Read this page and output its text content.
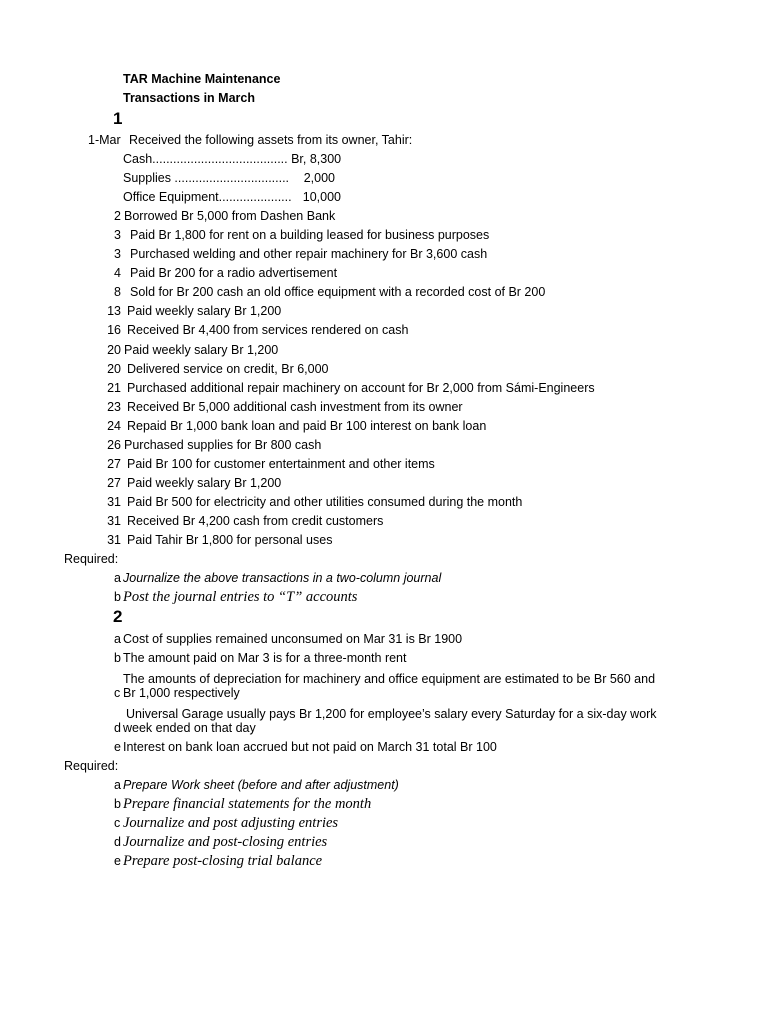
TAR Machine Maintenance
Transactions in March
1
1-Mar Received the following assets from its owner, Tahir:
Cash....................................... Br, 8,300
Supplies .................................	2,000
Office Equipment..................... 10,000
2 Borrowed Br 5,000 from Dashen Bank
3 Paid Br 1,800 for rent on a building leased for business purposes
3 Purchased welding and other repair machinery for Br 3,600 cash
4 Paid Br 200 for a radio advertisement
8 Sold for Br 200 cash an old office equipment with a recorded cost of Br 200
13 Paid weekly salary Br 1,200
16 Received Br 4,400 from services rendered on cash
20 Paid weekly salary Br 1,200
20 Delivered service on credit, Br 6,000
21 Purchased additional repair machinery on account for Br 2,000 from Sámi-Engineers
23 Received Br 5,000 additional cash investment from its owner
24 Repaid Br 1,000 bank loan and paid Br 100 interest on bank loan
26 Purchased supplies for Br 800 cash
27 Paid Br 100 for customer entertainment and other items
27 Paid weekly salary Br 1,200
31 Paid Br 500 for electricity and other utilities consumed during the month
31 Received Br 4,200 cash from credit customers
31 Paid Tahir Br 1,800 for personal uses
Required:
a Journalize the above transactions in a two-column journal
b Post the journal entries to “T” accounts
2
a Cost of supplies remained unconsumed on Mar 31 is Br 1900
b The amount paid on Mar 3 is for a three-month rent
The amounts of depreciation for machinery and office equipment are estimated to be Br 560 and
c Br 1,000 respectively
Universal Garage usually pays Br 1,200 for employee’s salary every Saturday for a six-day work
d week ended on that day
e Interest on bank loan accrued but not paid on March 31 total Br 100
Required:
a Prepare Work sheet (before and after adjustment)
b Prepare financial statements for the month
c Journalize and post adjusting entries
d Journalize and post-closing entries
e Prepare post-closing trial balance
